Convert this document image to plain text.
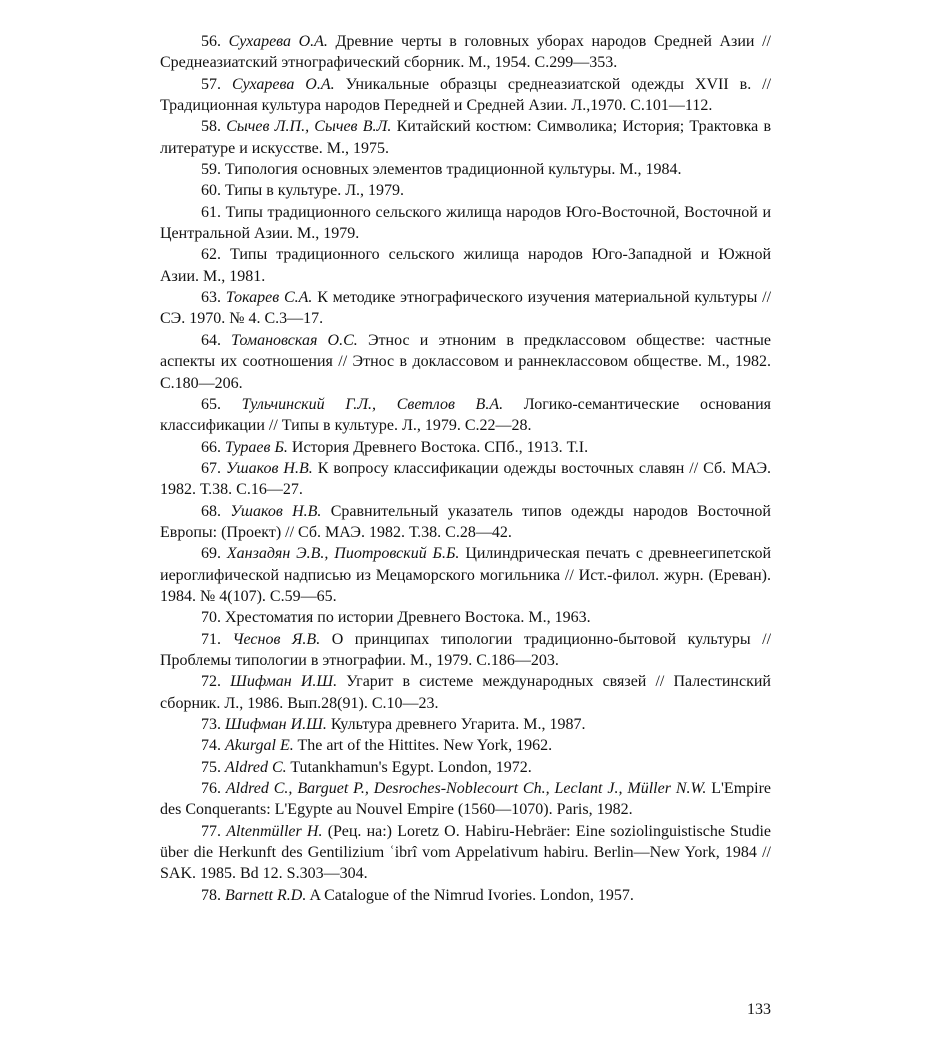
56. Сухарева О.А. Древние черты в головных уборах народов Средней Азии // Среднеазиатский этнографический сборник. М., 1954. С.299—353.

57. Сухарева О.А. Уникальные образцы среднеазиатской одежды XVII в. // Традиционная культура народов Передней и Средней Азии. Л.,1970. С.101—112.

58. Сычев Л.П., Сычев В.Л. Китайский костюм: Символика; История; Трактовка в литературе и искусстве. М., 1975.

59. Типология основных элементов традиционной культуры. М., 1984.

60. Типы в культуре. Л., 1979.

61. Типы традиционного сельского жилища народов Юго-Восточной, Восточной и Центральной Азии. М., 1979.

62. Типы традиционного сельского жилища народов Юго-Западной и Южной Азии. М., 1981.

63. Токарев С.А. К методике этнографического изучения материальной культуры // СЭ. 1970. № 4. С.3—17.

64. Томановская О.С. Этнос и этноним в предклассовом обществе: частные аспекты их соотношения // Этнос в доклассовом и раннеклассовом обществе. М., 1982. С.180—206.

65. Тульчинский Г.Л., Светлов В.А. Логико-семантические основания классификации // Типы в культуре. Л., 1979. С.22—28.

66. Тураев Б. История Древнего Востока. СПб., 1913. Т.I.

67. Ушаков Н.В. К вопросу классификации одежды восточных славян // Сб. МАЭ. 1982. Т.38. С.16—27.

68. Ушаков Н.В. Сравнительный указатель типов одежды народов Восточной Европы: (Проект) // Сб. МАЭ. 1982. Т.38. С.28—42.

69. Ханзадян Э.В., Пиотровский Б.Б. Цилиндрическая печать с древнеегипетской иероглифической надписью из Мецаморского могильника // Ист.-филол. журн. (Ереван). 1984. № 4(107). С.59—65.

70. Хрестоматия по истории Древнего Востока. М., 1963.

71. Чеснов Я.В. О принципах типологии традиционно-бытовой культуры // Проблемы типологии в этнографии. М., 1979. С.186—203.

72. Шифман И.Ш. Угарит в системе международных связей // Палестинский сборник. Л., 1986. Вып.28(91). С.10—23.

73. Шифман И.Ш. Культура древнего Угарита. М., 1987.

74. Akurgal E. The art of the Hittites. New York, 1962.

75. Aldred C. Tutankhamun's Egypt. London, 1972.

76. Aldred C., Barguet P., Desroches-Noblecourt Ch., Leclant J., Müller N.W. L'Empire des Conquerants: L'Egypte au Nouvel Empire (1560—1070). Paris, 1982.

77. Altenmüller H. (Рец. на:) Loretz O. Habiru-Hebräer: Eine soziolinguistische Studie über die Herkunft des Gentilizium ʿibrî vom Appelativum habiru. Berlin—New York, 1984 // SAK. 1985. Bd 12. S.303—304.

78. Barnett R.D. A Catalogue of the Nimrud Ivories. London, 1957.

133
